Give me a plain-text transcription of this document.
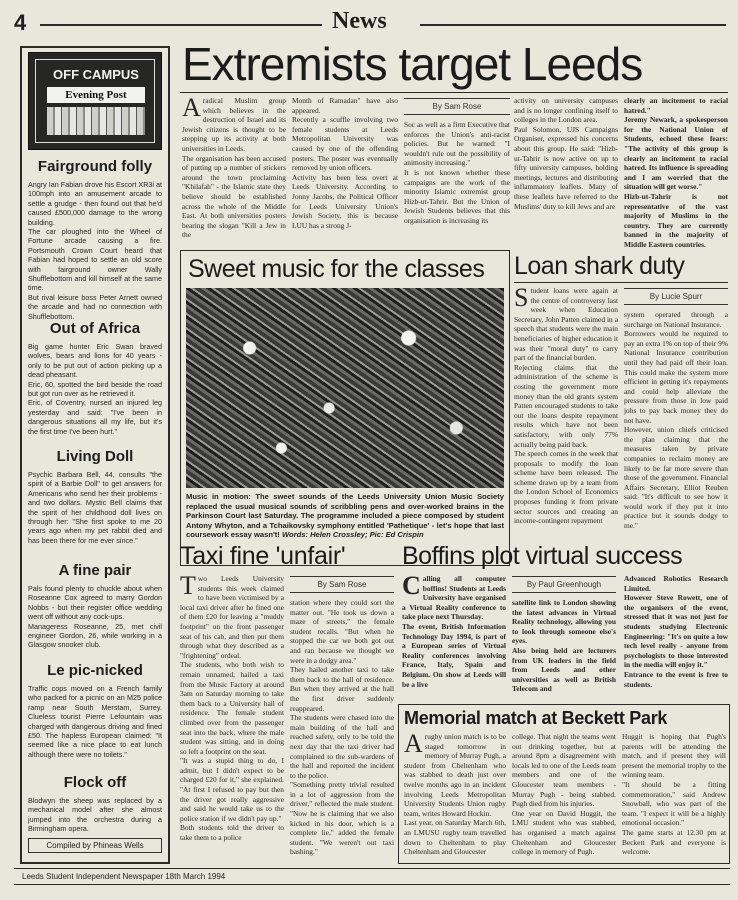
4	News
OFF CAMPUS
Evening Post
Fairground folly
Angry Ian Fabian drove his Escort XR3i at 100mph into an amusement arcade to settle a grudge - then found out that he'd caused £500,000 damage to the wrong building.
The car ploughed into the Wheel of Fortune arcade causing a fire. Portsmouth Crown Court heard that Fabian had hoped to settle an old score with fairground owner Wally Shufflebottom and kill himself at the same time.
But rival leisure boss Peter Arnett owned the arcade and had no connection with Shufflebottom.
Out of Africa
Big game hunter Eric Swan braved wolves, bears and lions for 40 years - only to be put out of action picking up a dead pheasant.
Eric, 60, spotted the bird beside the road but got run over as he retrieved it.
Eric, of Coventry, nursed an injured leg yesterday and said: "I've been in dangerous situations all my life, but it's the first time I've been hurt."
Living Doll
Psychic Barbara Bell, 44, consults "the spirit of a Barbie Doll" to get answers for Americans who send her their problems - and two dollars. Mystic Bell claims that the spirit of her childhood doll lives on through her: "She first spoke to me 20 years ago when my pet rabbit died and has been there for me ever since."
A fine pair
Pals found plenty to chuckle about when Roseanne Cox agreed to marry Gordon Nobbs - but their register office wedding went off without any cock-ups.
Manageress Roseanne, 25, met civil engineer Gordon, 26, while working in a Glasgow snooker club.
Le pic-nicked
Traffic cops moved on a French family who packed for a picnic on an M25 police ramp near South Merstam, Surrey. Clueless tourist Pierre Lefountain was charged with dangerous driving and fined £50. The hapless European claimed: "It seemed like a nice place to eat lunch although there were no toilets."
Flock off
Blodwyn the sheep was replaced by a mechanical model after she almost jumped into the orchestra during a Birmingham opera.
Compiled by Phineas Wells
Extremists target Leeds
Aradical Muslim group which believes in the destruction of Israel and its Jewish citizens is thought to be stepping up its activity at both universities in Leeds.
The organisation has been accused of putting up a number of stickers around the town proclaiming "Khilafah" - the Islamic state they believe should be established across the whole of the Middle East. At both universities posters bearing the slogan "Kill a Jew in the
Month of Ramadan" have also appeared.
Recently a scuffle involving two female students at Leeds Metropolitan University was caused by one of the offending posters. The poster was eventually removed by union officers.
Activity has been less overt at Leeds University. According to Jonny Jacobs, the Political Officer for Leeds University Union's Jewish Society, this is because LUU has a strong J-
By Sam Rose
Soc as well as a firm Executive that enforces the Union's anti-racist policies. But he warned: "I wouldn't rule out the possibility of animosity increasing."
It is not known whether these campaigns are the work of the minority Islamic extremist group Hizb-ut-Tahrir. But the Union of Jewish Students believes that this organisation is increasing its
activity on university campuses and is no longer confining itself to colleges in the London area.
Paul Solomon, UJS Campaigns Organiser, expressed his concerns about this group. He said: "Hizb-ut-Tahrir is now active on up to fifty university campuses, holding meetings, lectures and distributing inflammatory leaflets. Many of these leaflets have referred to the Muslims' duty to kill Jews and are
clearly an incitement to racial hatred."
Jeremy Newark, a spokesperson for the National Union of Students, echoed these fears: "The activity of this group is clearly an incitement to racial hatred. Its influence is spreading and I am worried that the situation will get worse."
Hizb-ut-Tahrir is not representative of the vast majority of Muslims in the country. They are currently banned in the majority of Middle Eastern countries.
Sweet music for the classes
Music in motion: The sweet sounds of the Leeds University Union Music Society replaced the usual musical sounds of scribbling pens and over-worked brains in the Parkinson Court last Saturday. The programme included a piece composed by student Antony Whyton, and a Tchaikovsky symphony entitled 'Pathetique' - let's hope that last coursework essay wasn't! Words: Helen Crossley; Pic: Ed Crispin
Loan shark duty
Student loans were again at the centre of controversy last week when Education Secretary, John Patten claimed in a speech that students were the main beneficiaries of higher education it was their "moral duty" to carry part of the financial burden.
Rejecting claims that the administration of the scheme is costing the government more money than the old grants system Patten encouraged students to take out the loans despite repayment results which have not been satisfactory, with only 77% actually being paid back.
The speech comes in the week that proposals to modify the loan scheme have been released. The scheme drawn up by a team from the London School of Economics proposes funding it from private sector sources and creating an income-contingent repayment
By Lucie Spurr
system operated through a surcharge on National Insurance.
Borrowers would be required to pay an extra 1% on top of their 9% National Insurance contribution until they had paid off their loan. This could make the system more efficient in getting it's repayments and could help alleviate the pressure from those in low paid jobs to pay back money they do not have.
However, union chiefs criticised the plan claiming that the measures taken by private companies to reclaim money are likely to be far more severe than those of the government. Financial Affairs Secretary, Elliot Reuben said: "It's difficult to see how it would work if they put it into practice but it sounds dodgy to me."
Taxi fine 'unfair'
Two Leeds University students this week claimed to have been victimised by a local taxi driver after he fined one of them £20 for leaving a "muddy footprint" on the front passenger seat of his cab, and then put them through what they described as a "frightening" ordeal.
The students, who both wish to remain unnamed, hailed a taxi from the Music Factory at around 3am on Saturday morning to take them back to a University hall of residence. The female student climbed over from the passenger seat into the back, where the male student was sitting, and in doing so left a footprint on the seat.
"It was a stupid thing to do, I admit, but I didn't expect to be charged £20 for it," she explained. "At first I refused to pay but then the driver got really aggressive and said he would take us to the police station if we didn't pay up."
Both students told the driver to take them to a police
By Sam Rose
station where they could sort the matter out. "He took us down a maze of streets," the female student recalls. "But when he stopped the car we both got out and ran because we thought we were in a dodgy area."
They hailed another taxi to take them back to the hall of residence. But when they arrived at the hall the first driver suddenly reappeared.
The students were chased into the main building of the hall and reached safety, only to be told the next day that the taxi driver had complained to the sub-wardens of the hall and reported the incident to the police.
"Something pretty trivial resulted in a lot of aggression from the driver," reflected the male student. "Now he is claiming that we also kicked in his door, which is a complete lie," added the female student. "We weren't out taxi bashing."
Boffins plot virtual success
Calling all computer boffins! Students at Leeds University have organised a Virtual Reality conference to take place next Thursday.
The event, British Information Technology Day 1994, is part of a European series of Virtual Reality conferences involving France, Italy, Spain and Belgium. On show at Leeds will be a live
By Paul Greenhough
satellite link to London showing the latest advances in Virtual Reality technology, allowing you to look through someone else's eyes.
Also being held are lecturers from UK leaders in the field from Leeds and other universities as well as British Telecom and
Advanced Robotics Research Limited.
However Steve Rowett, one of the organisers of the event, stressed that it was not just for students studying Electronic Engineering: "It's on quite a low tech level really - anyone from psychologists to those interested in the media will enjoy it."
Entrance to the event is free to students.
Memorial match at Beckett Park
Arugby union match is to be staged tomorrow in memory of Murray Pugh, a student from Cheltenham who was stabbed to death just over twelve months ago in an incident involving Leeds Metropolitan University Students Union rugby team, writes Howard Hockin.
Last year, on Saturday March 6th, an LMUSU rugby team travelled down to Cheltenham to play Cheltenham and Gloucester
college. That night the teams went out drinking together, but at around 8pm a disagreement with locals led to one of the Leeds team members and one of the Gloucester team members - Murray Pugh - being stabbed. Pugh died from his injuries.
One year on David Huggit, the LMU student who was stabbed, has organised a match against Cheltenham and Gloucester college in memory of Pugh.
Huggit is hoping that Pugh's parents will be attending the match, and if present they will present the memorial trophy to the winning team.
"It should be a fitting commemoration," said Andrew Snowball, who was part of the team. "I expect it will be a highly emotional occasion."
The game starts at 12.30 pm at Beckett Park and everyone is welcome.
Leeds Student Independent Newspaper 18th March 1994
